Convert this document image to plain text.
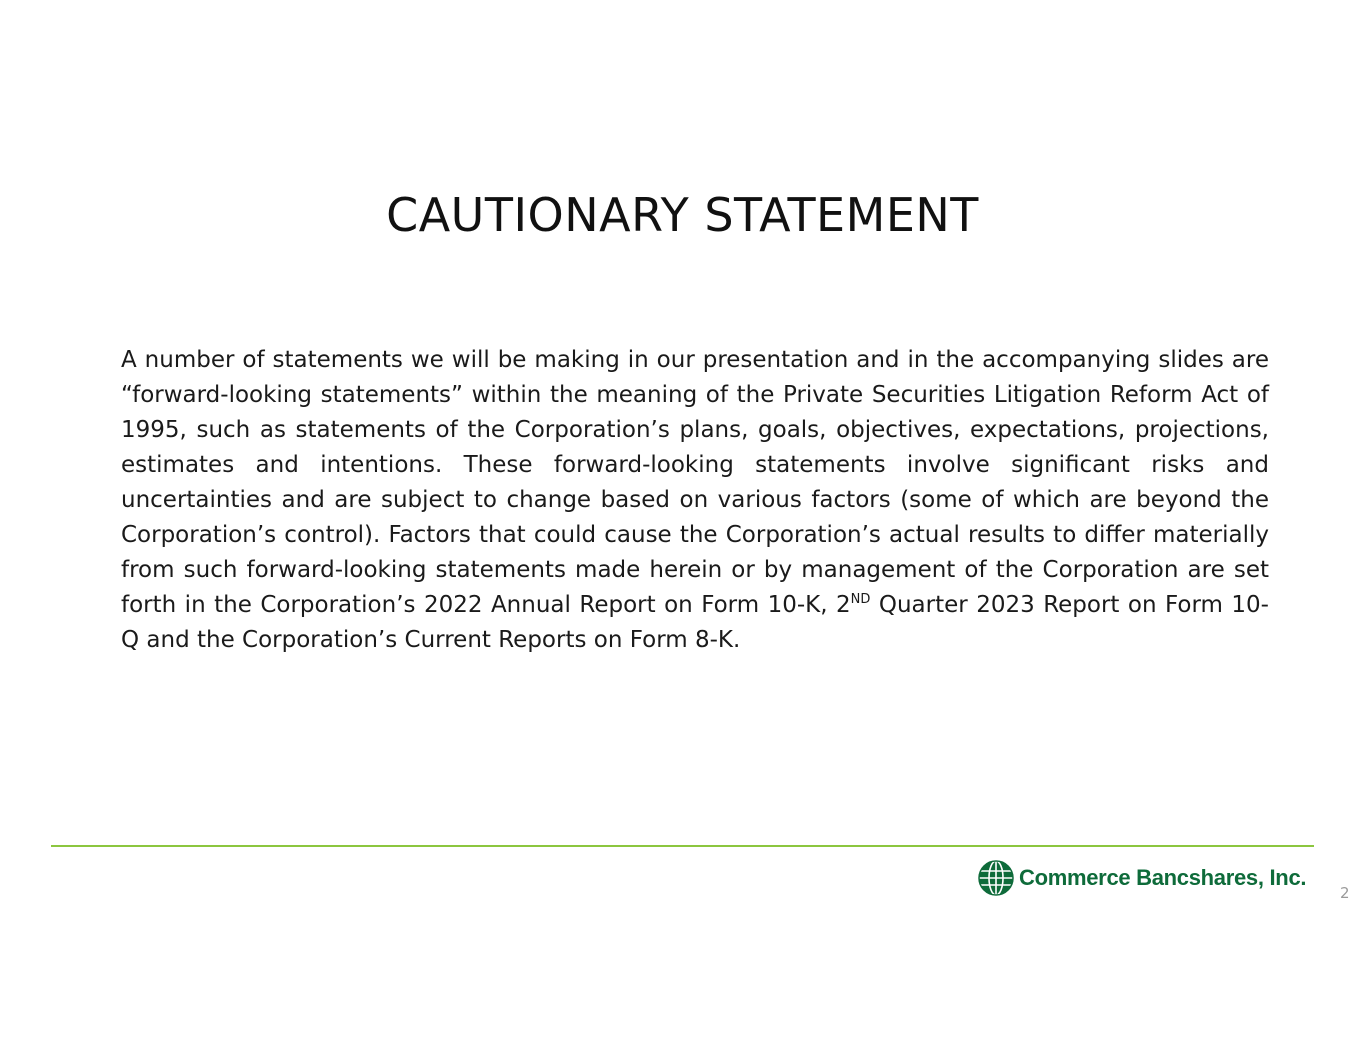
CAUTIONARY STATEMENT

A number of statements we will be making in our presentation and in the accompanying slides are “forward-looking statements” within the meaning of the Private Securities Litigation Reform Act of 1995, such as statements of the Corporation’s plans, goals, objectives, expectations, projections, estimates and intentions. These forward-looking statements involve significant risks and uncertainties and are subject to change based on various factors (some of which are beyond the Corporation’s control). Factors that could cause the Corporation’s actual results to differ materially from such forward-looking statements made herein or by management of the Corporation are set forth in the Corporation’s 2022 Annual Report on Form 10-K, 2ND Quarter 2023 Report on Form 10-Q and the Corporation’s Current Reports on Form 8-K.

Commerce Bancshares, Inc.
2
